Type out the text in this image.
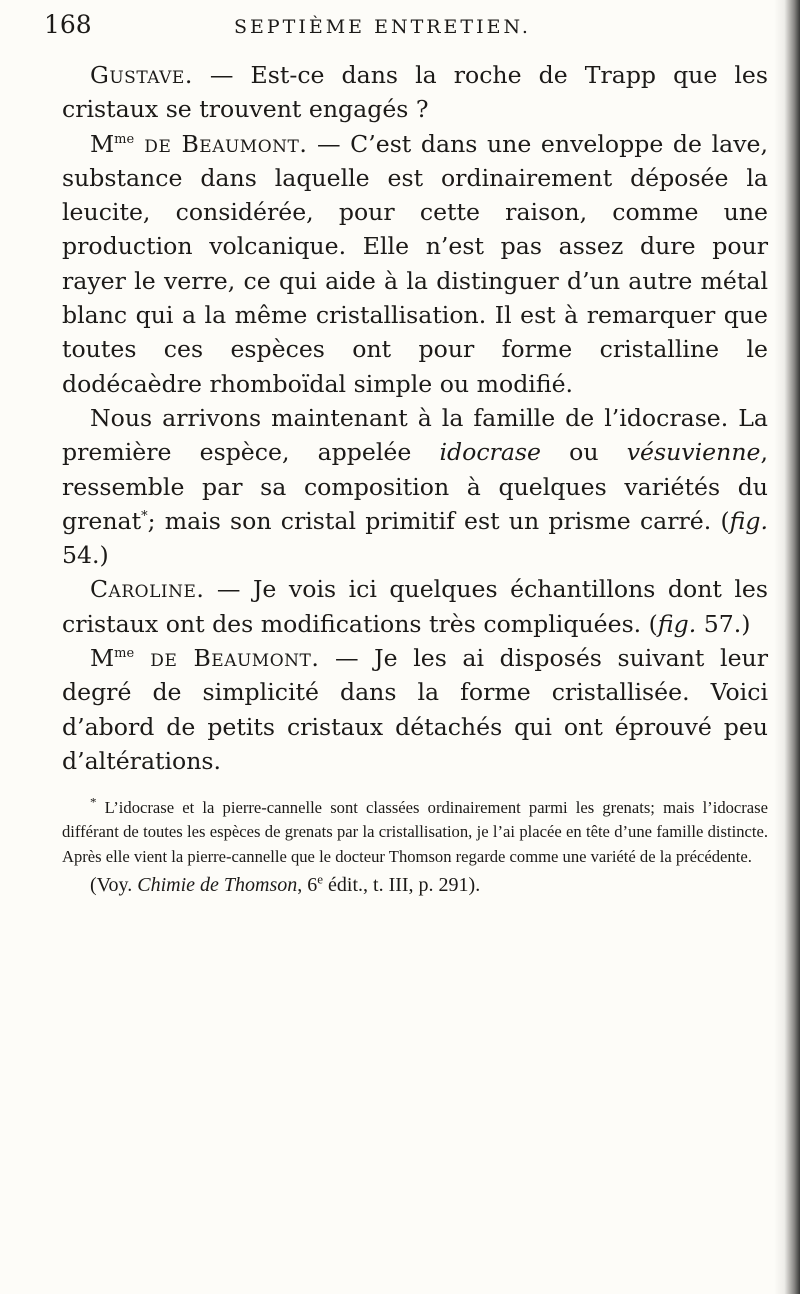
168	SEPTIÈME ENTRETIEN.

Gustave. — Est-ce dans la roche de Trapp que les cristaux se trouvent engagés ?

$M^{me}$ de Beaumont. — C’est dans une enveloppe de lave, substance dans laquelle est ordinairement déposée la leucite, considérée, pour cette raison, comme une production volcanique. Elle n’est pas assez dure pour rayer le verre, ce qui aide à la distinguer d’un autre métal blanc qui a la même cristallisation. Il est à remarquer que toutes ces espèces ont pour forme cristalline le dodécaèdre rhomboïdal simple ou modifié.

Nous arrivons maintenant à la famille de l’idocrase. La première espèce, appelée idocrase ou vésuvienne, ressemble par sa composition à quelques variétés du grenat*; mais son cristal primitif est un prisme carré. (fig. 54.)

Caroline. — Je vois ici quelques échantillons dont les cristaux ont des modifications très compliquées. (fig. 57.)

$M^{me}$ de Beaumont. — Je les ai disposés suivant leur degré de simplicité dans la forme cristallisée. Voici d’abord de petits cristaux détachés qui ont éprouvé peu d’altérations.

* L’idocrase et la pierre-cannelle sont classées ordinairement parmi les grenats; mais l’idocrase différant de toutes les espèces de grenats par la cristallisation, je l’ai placée en tête d’une famille distincte. Après elle vient la pierre-cannelle que le docteur Thomson regarde comme une variété de la précédente.

(Voy. Chimie de Thomson, 6e édit., t. III, p. 291).
